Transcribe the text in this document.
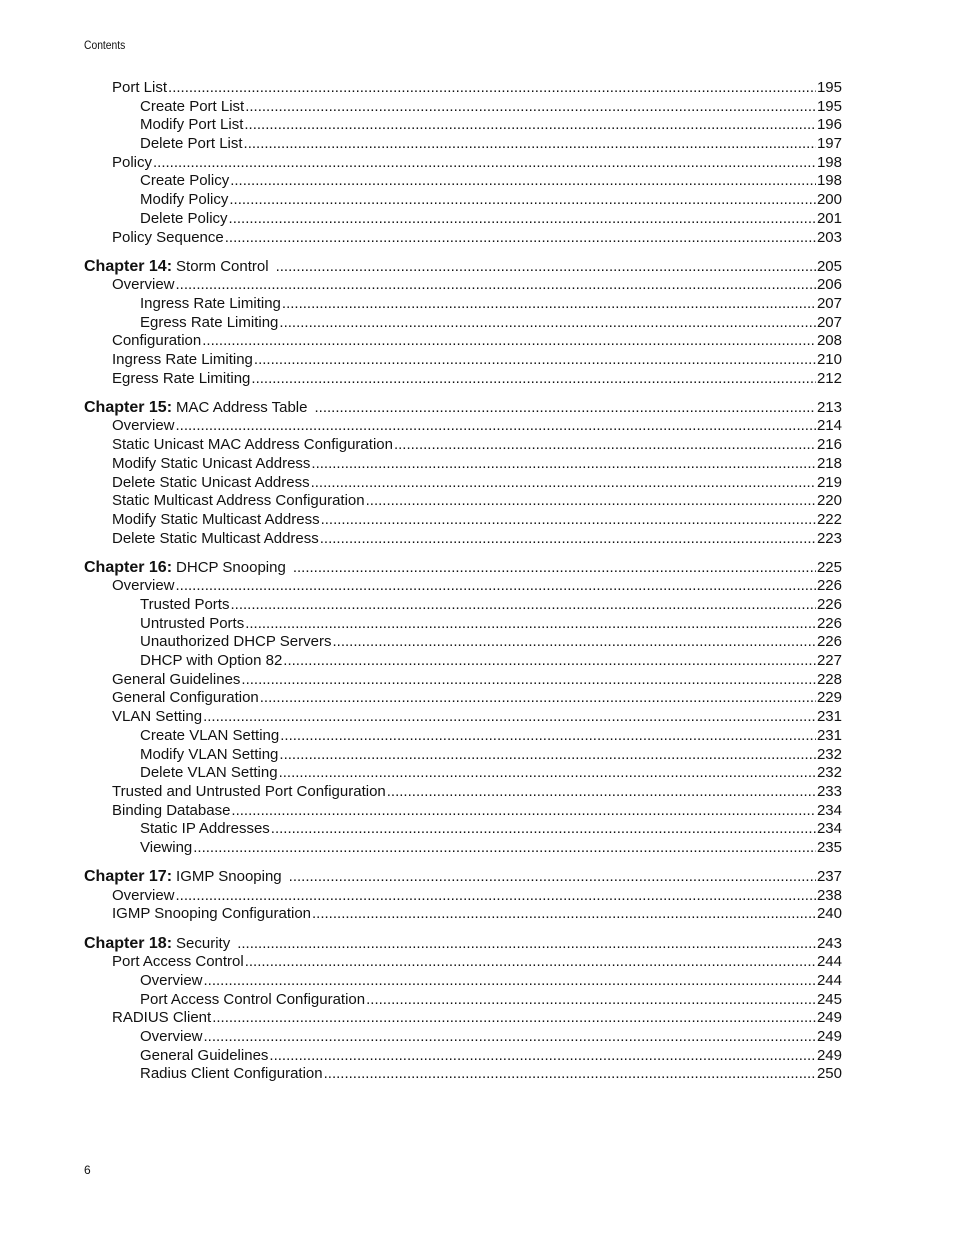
Contents
Port List .....	195
Create Port List .....	195
Modify Port List .....	196
Delete Port List .....	197
Policy .....	198
Create Policy .....	198
Modify Policy .....	200
Delete Policy .....	201
Policy Sequence .....	203
Chapter 14: Storm Control .....	205
Overview .....	206
Ingress Rate Limiting .....	207
Egress Rate Limiting .....	207
Configuration .....	208
Ingress Rate Limiting .....	210
Egress Rate Limiting .....	212
Chapter 15: MAC Address Table .....	213
Overview .....	214
Static Unicast MAC Address Configuration .....	216
Modify Static Unicast Address .....	218
Delete Static Unicast Address .....	219
Static Multicast Address Configuration .....	220
Modify Static Multicast Address .....	222
Delete Static Multicast Address .....	223
Chapter 16: DHCP Snooping .....	225
Overview .....	226
Trusted Ports .....	226
Untrusted Ports .....	226
Unauthorized DHCP Servers .....	226
DHCP with Option 82 .....	227
General Guidelines .....	228
General Configuration .....	229
VLAN Setting .....	231
Create VLAN Setting .....	231
Modify VLAN Setting .....	232
Delete VLAN Setting .....	232
Trusted and Untrusted Port Configuration .....	233
Binding Database .....	234
Static IP Addresses .....	234
Viewing .....	235
Chapter 17: IGMP Snooping .....	237
Overview .....	238
IGMP Snooping Configuration .....	240
Chapter 18: Security .....	243
Port Access Control .....	244
Overview .....	244
Port Access Control Configuration .....	245
RADIUS Client .....	249
Overview .....	249
General Guidelines .....	249
Radius Client Configuration .....	250
6
